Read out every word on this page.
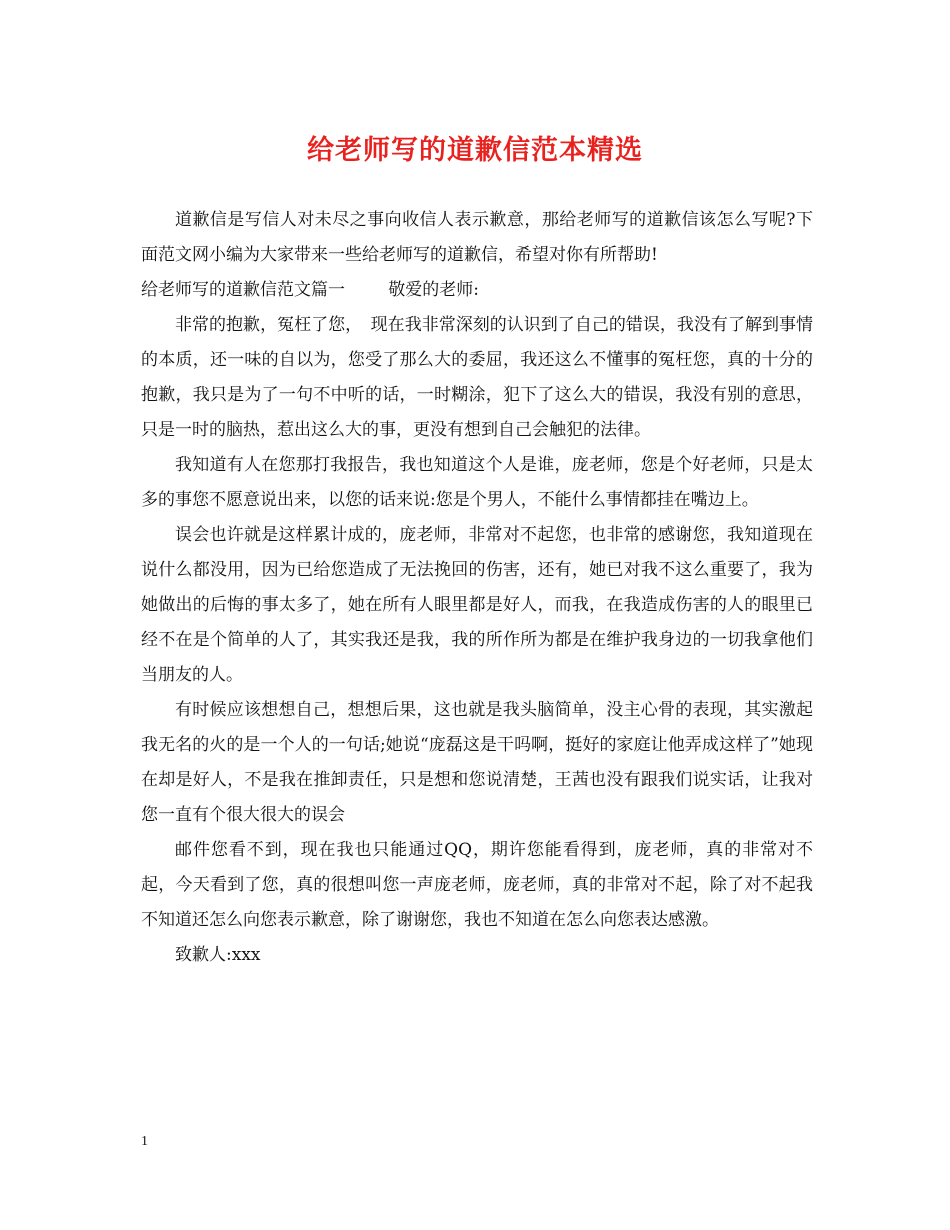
给老师写的道歉信范本精选

道歉信是写信人对未尽之事向收信人表示歉意，那给老师写的道歉信该怎么写呢?下面范文网小编为大家带来一些给老师写的道歉信，希望对你有所帮助!

给老师写的道歉信范文篇一	敬爱的老师:

非常的抱歉，冤枉了您，　现在我非常深刻的认识到了自己的错误，我没有了解到事情的本质，还一味的自以为，您受了那么大的委屈，我还这么不懂事的冤枉您，真的十分的抱歉，我只是为了一句不中听的话，一时糊涂，犯下了这么大的错误，我没有别的意思，只是一时的脑热，惹出这么大的事，更没有想到自己会触犯的法律。

我知道有人在您那打我报告，我也知道这个人是谁，庞老师，您是个好老师，只是太多的事您不愿意说出来，以您的话来说:您是个男人，不能什么事情都挂在嘴边上。

误会也许就是这样累计成的，庞老师，非常对不起您，也非常的感谢您，我知道现在说什么都没用，因为已给您造成了无法挽回的伤害，还有，她已对我不这么重要了，我为她做出的后悔的事太多了，她在所有人眼里都是好人，而我，在我造成伤害的人的眼里已经不在是个简单的人了，其实我还是我，我的所作所为都是在维护我身边的一切我拿他们当朋友的人。

有时候应该想想自己，想想后果，这也就是我头脑简单，没主心骨的表现，其实激起我无名的火的是一个人的一句话;她说“庞磊这是干吗啊，挺好的家庭让他弄成这样了”她现在却是好人，不是我在推卸责任，只是想和您说清楚，王茜也没有跟我们说实话，让我对您一直有个很大很大的误会

邮件您看不到，现在我也只能通过QQ，期许您能看得到，庞老师，真的非常对不起，今天看到了您，真的很想叫您一声庞老师，庞老师，真的非常对不起，除了对不起我不知道还怎么向您表示歉意，除了谢谢您，我也不知道在怎么向您表达感激。

致歉人:xxx

1
